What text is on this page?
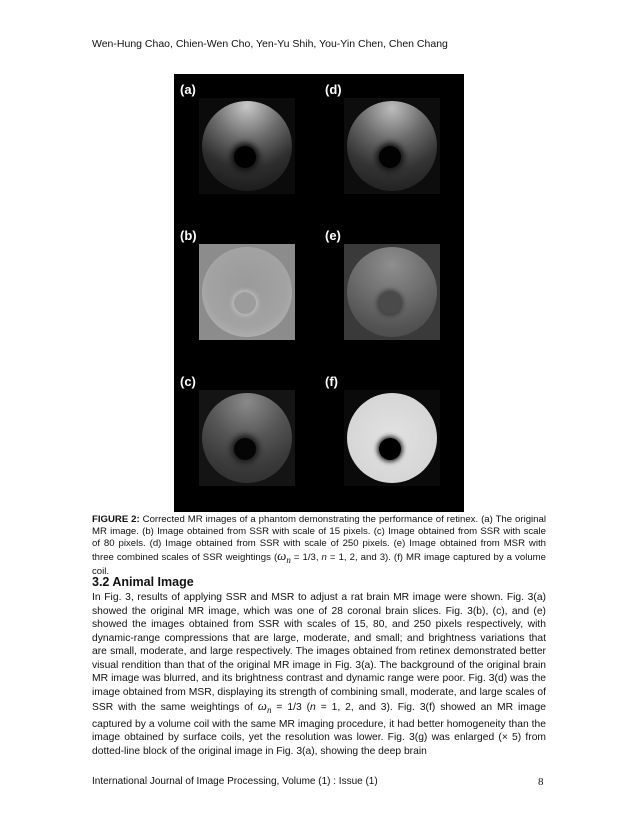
Wen-Hung Chao, Chien-Wen Cho, Yen-Yu Shih, You-Yin Chen, Chen Chang
(a)	(d)
(b)	(e)
(c)	(f)
FIGURE 2: Corrected MR images of a phantom demonstrating the performance of retinex. (a) The original MR image. (b) Image obtained from SSR with scale of 15 pixels. (c) Image obtained from SSR with scale of 80 pixels. (d) Image obtained from SSR with scale of 250 pixels. (e) Image obtained from MSR with three combined scales of SSR weightings ($\omega_n = 1/3$, n = 1, 2, and 3). (f) MR image captured by a volume coil.
3.2 Animal Image
In Fig. 3, results of applying SSR and MSR to adjust a rat brain MR image were shown. Fig. 3(a) showed the original MR image, which was one of 28 coronal brain slices. Fig. 3(b), (c), and (e) showed the images obtained from SSR with scales of 15, 80, and 250 pixels respectively, with dynamic-range compressions that are large, moderate, and small; and brightness variations that are small, moderate, and large respectively. The images obtained from retinex demonstrated better visual rendition than that of the original MR image in Fig. 3(a). The background of the original brain MR image was blurred, and its brightness contrast and dynamic range were poor. Fig. 3(d) was the image obtained from MSR, displaying its strength of combining small, moderate, and large scales of SSR with the same weightings of $\omega_n = 1/3$ (n = 1, 2, and 3). Fig. 3(f) showed an MR image captured by a volume coil with the same MR imaging procedure, it had better homogeneity than the image obtained by surface coils, yet the resolution was lower. Fig. 3(g) was enlarged (× 5) from dotted-line block of the original image in Fig. 3(a), showing the deep brain
International Journal of Image Processing, Volume (1) : Issue (1)	8
